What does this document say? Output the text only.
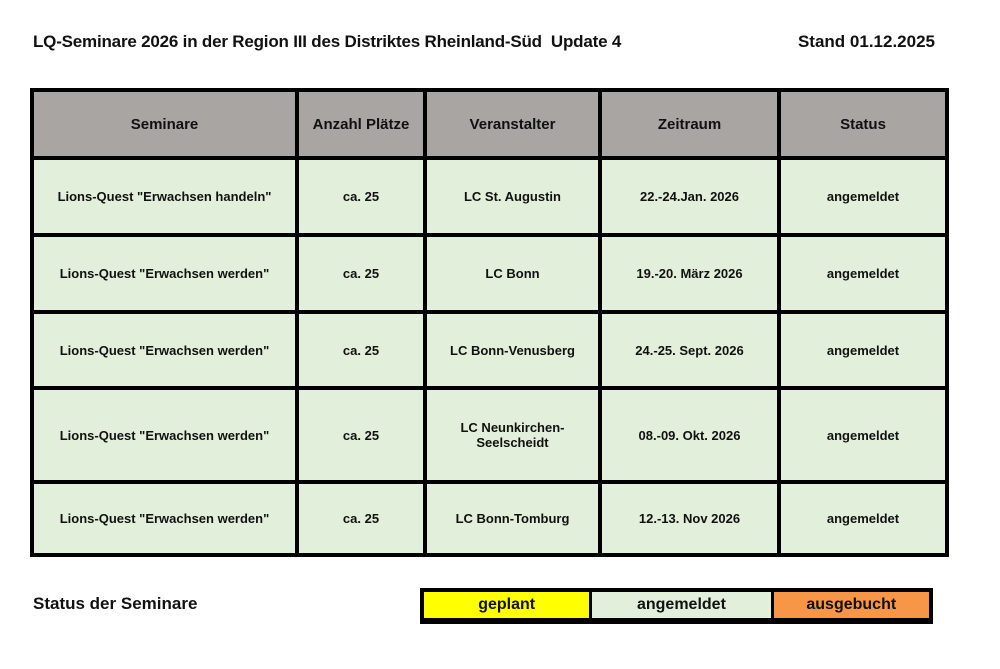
LQ-Seminare 2026 in der Region III des Distriktes Rheinland-Süd  Update 4	Stand 01.12.2025
Seminare	Anzahl Plätze	Veranstalter	Zeitraum	Status
Lions-Quest "Erwachsen handeln"	ca. 25	LC St. Augustin	22.-24.Jan. 2026	angemeldet
Lions-Quest "Erwachsen werden"	ca. 25	LC Bonn	19.-20. März 2026	angemeldet
Lions-Quest "Erwachsen werden"	ca. 25	LC Bonn-Venusberg	24.-25. Sept. 2026	angemeldet
Lions-Quest "Erwachsen werden"	ca. 25	LC Neunkirchen-Seelscheidt	08.-09. Okt. 2026	angemeldet
Lions-Quest "Erwachsen werden"	ca. 25	LC Bonn-Tomburg	12.-13. Nov 2026	angemeldet
Status der Seminare	geplant	angemeldet	ausgebucht
